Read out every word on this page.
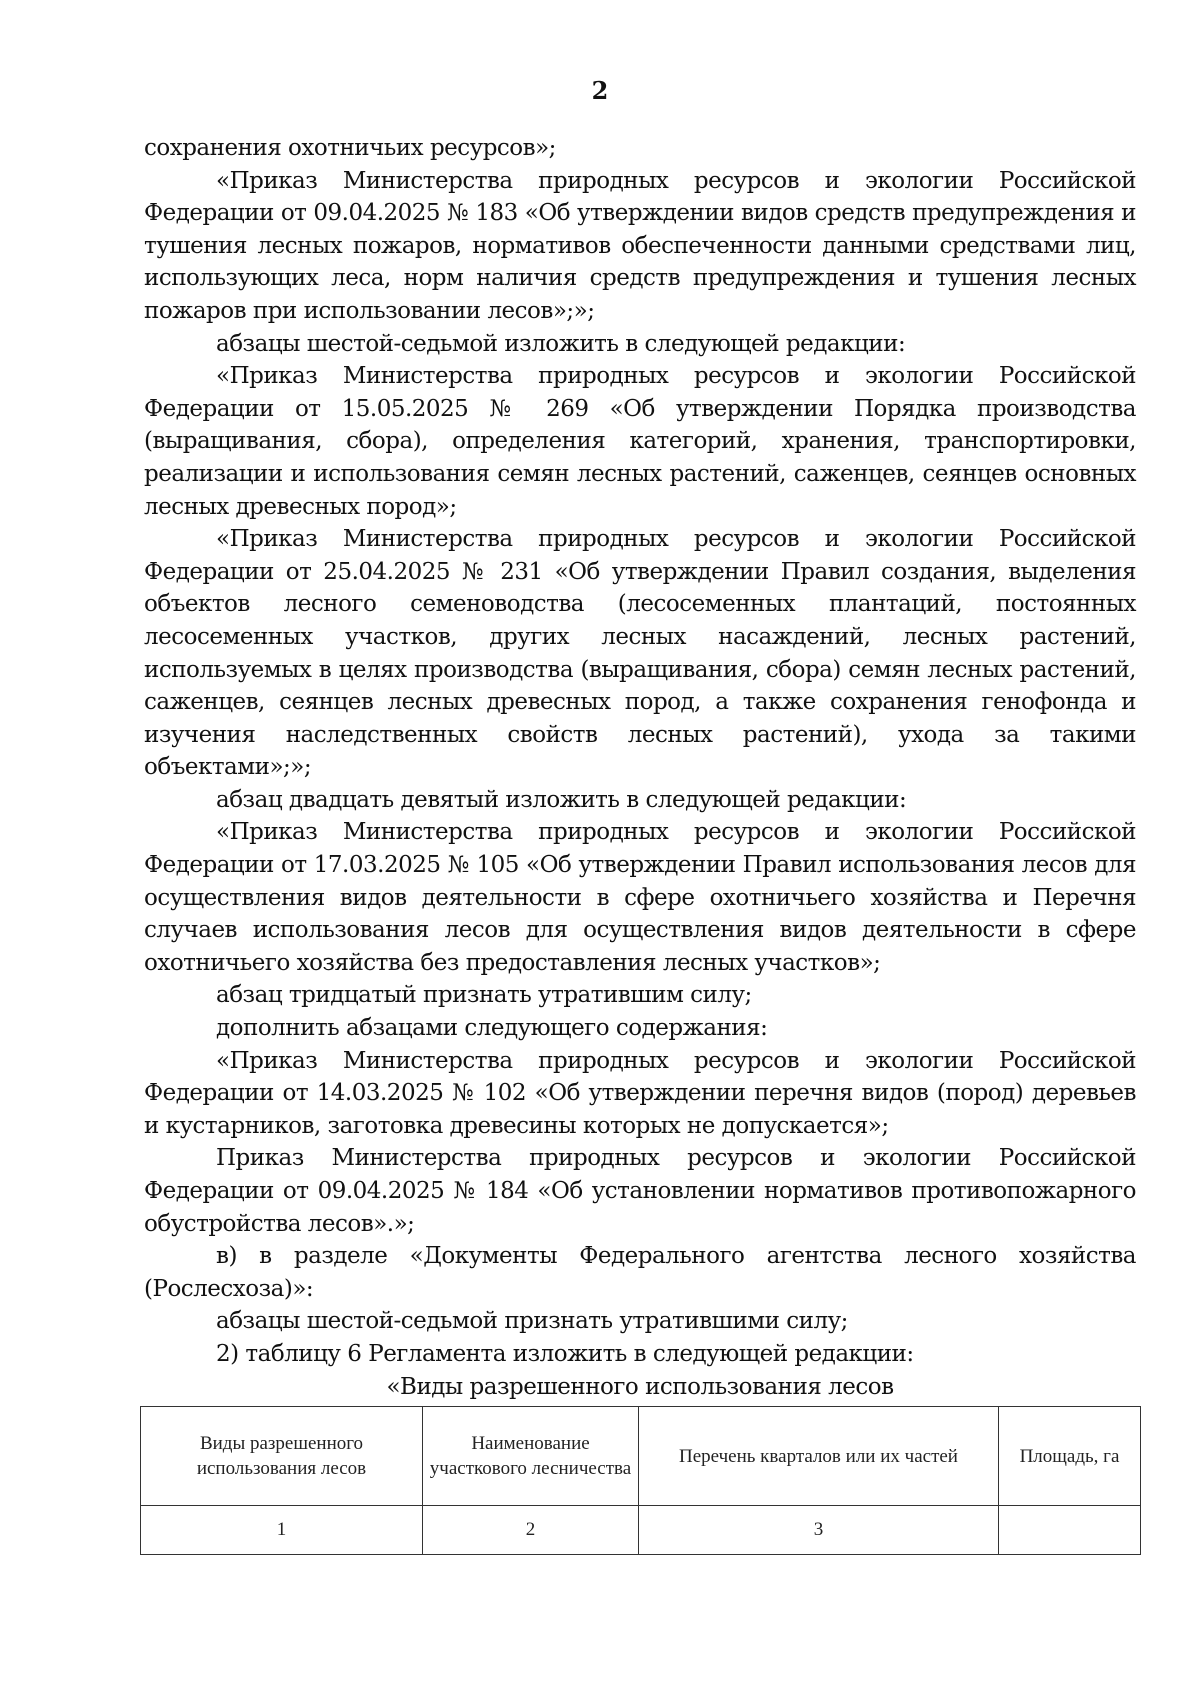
2

сохранения охотничьих ресурсов»;

«Приказ Министерства природных ресурсов и экологии Российской Федерации от 09.04.2025 № 183 «Об утверждении видов средств предупреждения и тушения лесных пожаров, нормативов обеспеченности данными средствами лиц, использующих леса, норм наличия средств предупреждения и тушения лесных пожаров при использовании лесов»;»;

абзацы шестой-седьмой изложить в следующей редакции:

«Приказ Министерства природных ресурсов и экологии Российской Федерации от 15.05.2025 № 269 «Об утверждении Порядка производства (выращивания, сбора), определения категорий, хранения, транспортировки, реализации и использования семян лесных растений, саженцев, сеянцев основных лесных древесных пород»;

«Приказ Министерства природных ресурсов и экологии Российской Федерации от 25.04.2025 № 231 «Об утверждении Правил создания, выделения объектов лесного семеноводства (лесосеменных плантаций, постоянных лесосеменных участков, других лесных насаждений, лесных растений, используемых в целях производства (выращивания, сбора) семян лесных растений, саженцев, сеянцев лесных древесных пород, а также сохранения генофонда и изучения наследственных свойств лесных растений), ухода за такими объектами»;»;

абзац двадцать девятый изложить в следующей редакции:

«Приказ Министерства природных ресурсов и экологии Российской Федерации от 17.03.2025 № 105 «Об утверждении Правил использования лесов для осуществления видов деятельности в сфере охотничьего хозяйства и Перечня случаев использования лесов для осуществления видов деятельности в сфере охотничьего хозяйства без предоставления лесных участков»;

абзац тридцатый признать утратившим силу;

дополнить абзацами следующего содержания:

«Приказ Министерства природных ресурсов и экологии Российской Федерации от 14.03.2025 № 102 «Об утверждении перечня видов (пород) деревьев и кустарников, заготовка древесины которых не допускается»;

Приказ Министерства природных ресурсов и экологии Российской Федерации от 09.04.2025 № 184 «Об установлении нормативов противопожарного обустройства лесов».»;

в) в разделе «Документы Федерального агентства лесного хозяйства (Рослесхоза)»:

абзацы шестой-седьмой признать утратившими силу;

2) таблицу 6 Регламента изложить в следующей редакции:

«Виды разрешенного использования лесов

Виды разрешенного использования лесов	Наименование участкового лесничества	Перечень кварталов или их частей	Площадь, га
1	2	3	
